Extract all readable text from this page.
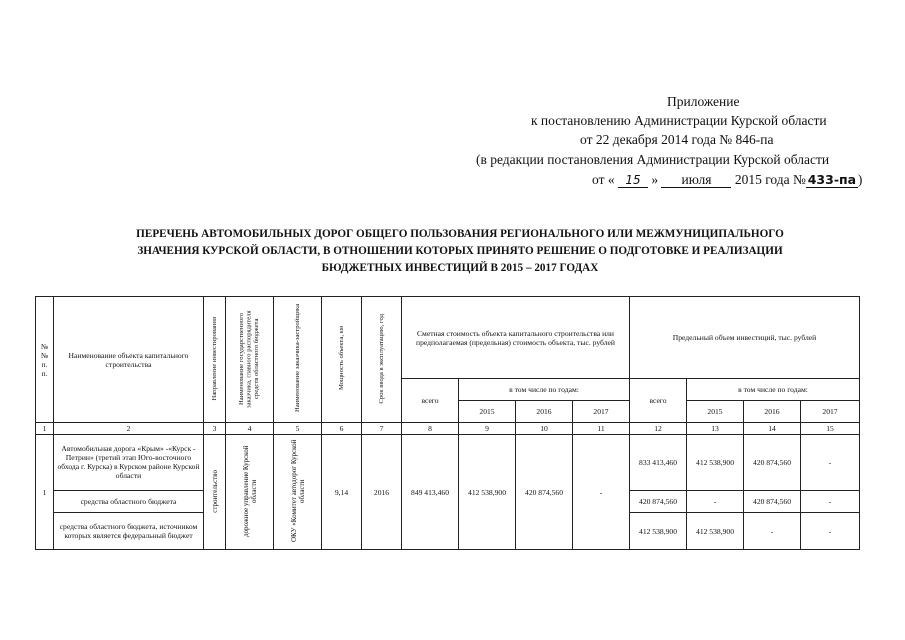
Приложение
к постановлению Администрации Курской области
от 22 декабря 2014 года № 846-па
(в редакции постановления Администрации Курской области
от « 15 » июля 2015 года № 433-па )
ПЕРЕЧЕНЬ АВТОМОБИЛЬНЫХ ДОРОГ ОБЩЕГО ПОЛЬЗОВАНИЯ РЕГИОНАЛЬНОГО ИЛИ МЕЖМУНИЦИПАЛЬНОГО
ЗНАЧЕНИЯ КУРСКОЙ ОБЛАСТИ, В ОТНОШЕНИИ КОТОРЫХ ПРИНЯТО РЕШЕНИЕ О ПОДГОТОВКЕ И РЕАЛИЗАЦИИ
БЮДЖЕТНЫХ ИНВЕСТИЦИЙ В 2015 – 2017 ГОДАХ
№ № п. п.	Наименование объекта капитального строительства	Направление инвестирования	Наименование государственного заказчика, главного распорядителя средств областного бюджета	Наименование заказчика-застройщика	Мощность объекта, км	Срок ввода в эксплуатацию, год	Сметная стоимость объекта капитального строительства или предполагаемая (предельная) стоимость объекта, тыс. рублей				Предельный объем инвестиций, тыс. рублей			
							всего	в том числе по годам:			всего	в том числе по годам:		
								2015	2016	2017		2015	2016	2017
1	2	3	4	5	6	7	8	9	10	11	12	13	14	15
1	Автомобильная дорога «Крым» -«Курск - Петрин» (третий этап Юго-восточного обхода г. Курска) в Курском районе Курской области	строительство	дорожное управление Курской области	ОКУ «Комитет автодорог Курской области	9,14	2016	849 413,460	412 538,900	420 874,560	-	833 413,460	412 538,900	420 874,560	-
	средства областного бюджета										420 874,560	-	420 874,560	-
	средства областного бюджета, источником которых является федеральный бюджет										412 538,900	412 538,900	-	-
